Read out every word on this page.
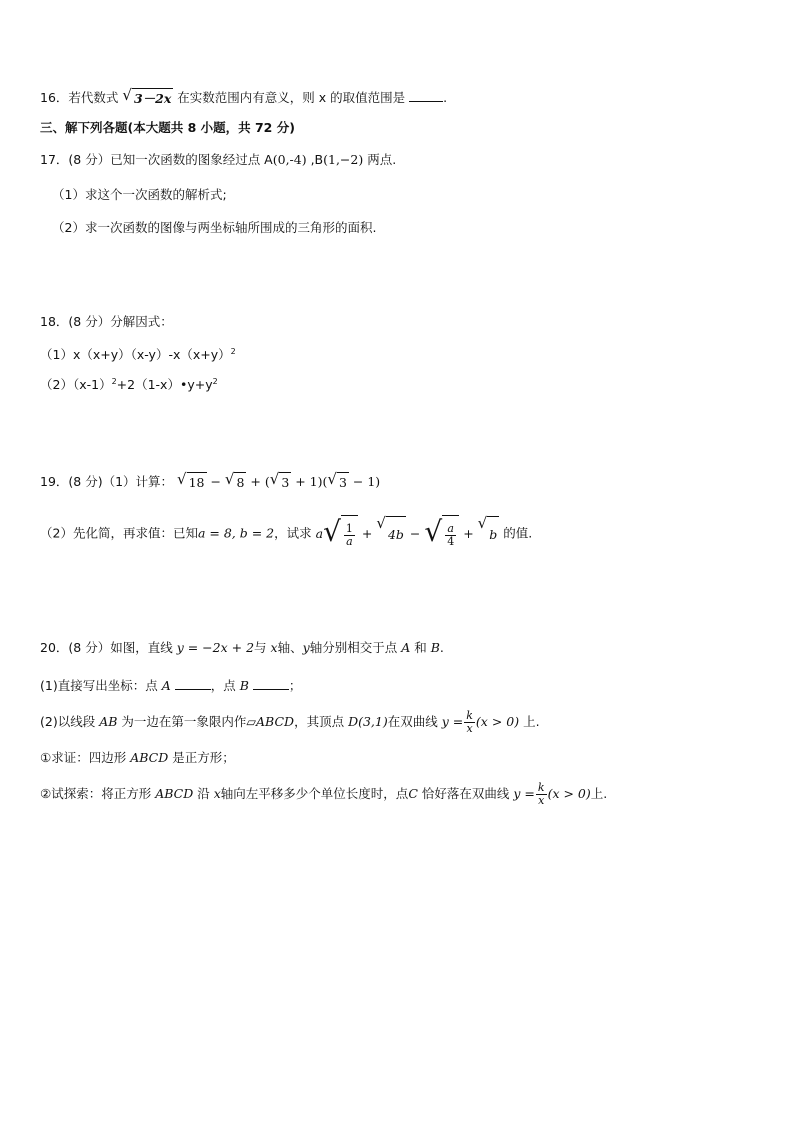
16．若代数式 √ 3－2x 在实数范围内有意义，则 x 的取值范围是	.
三、解下列各题(本大题共 8 小题，共 72 分)
17．(8 分）已知一次函数的图象经过点 A(0,-4) ,B(1,−2) 两点.
（1）求这个一次函数的解析式;
（2）求一次函数的图像与两坐标轴所围成的三角形的面积.
18．(8 分）分解因式：
$(1)x(x+y)(x-y)-x(x+y)^2$
$(2)(x-1)^2+2(1-x)•y+y^2$
19．(8 分)（1）计算： √ 18 − √ 8 + ( √ 3 + 1)( √ 3 − 1)
（2）先化简，再求值：已知a = 8, b = 2，试求 a √ $\frac{1}{a}$ +
√
4b − √ $\frac{a}{4}$ +
√
b 的值.
20．(8 分）如图，直线 y = −2x + 2与 x轴、y轴分别相交于点 A 和 B.
(1)直接写出坐标：点 A	，点 B	；
(2)以线段 AB 为一边在第一象限内作▱ABCD，其顶点 D(3,1)在双曲线 $y = \frac{k}{x} (x > 0)$ 上.
①求证：四边形 ABCD 是正方形；
②试探索：将正方形 ABCD 沿 x轴向左平移多少个单位长度时，点C 恰好落在双曲线 $y = \frac{k}{x} (x > 0)$上.
